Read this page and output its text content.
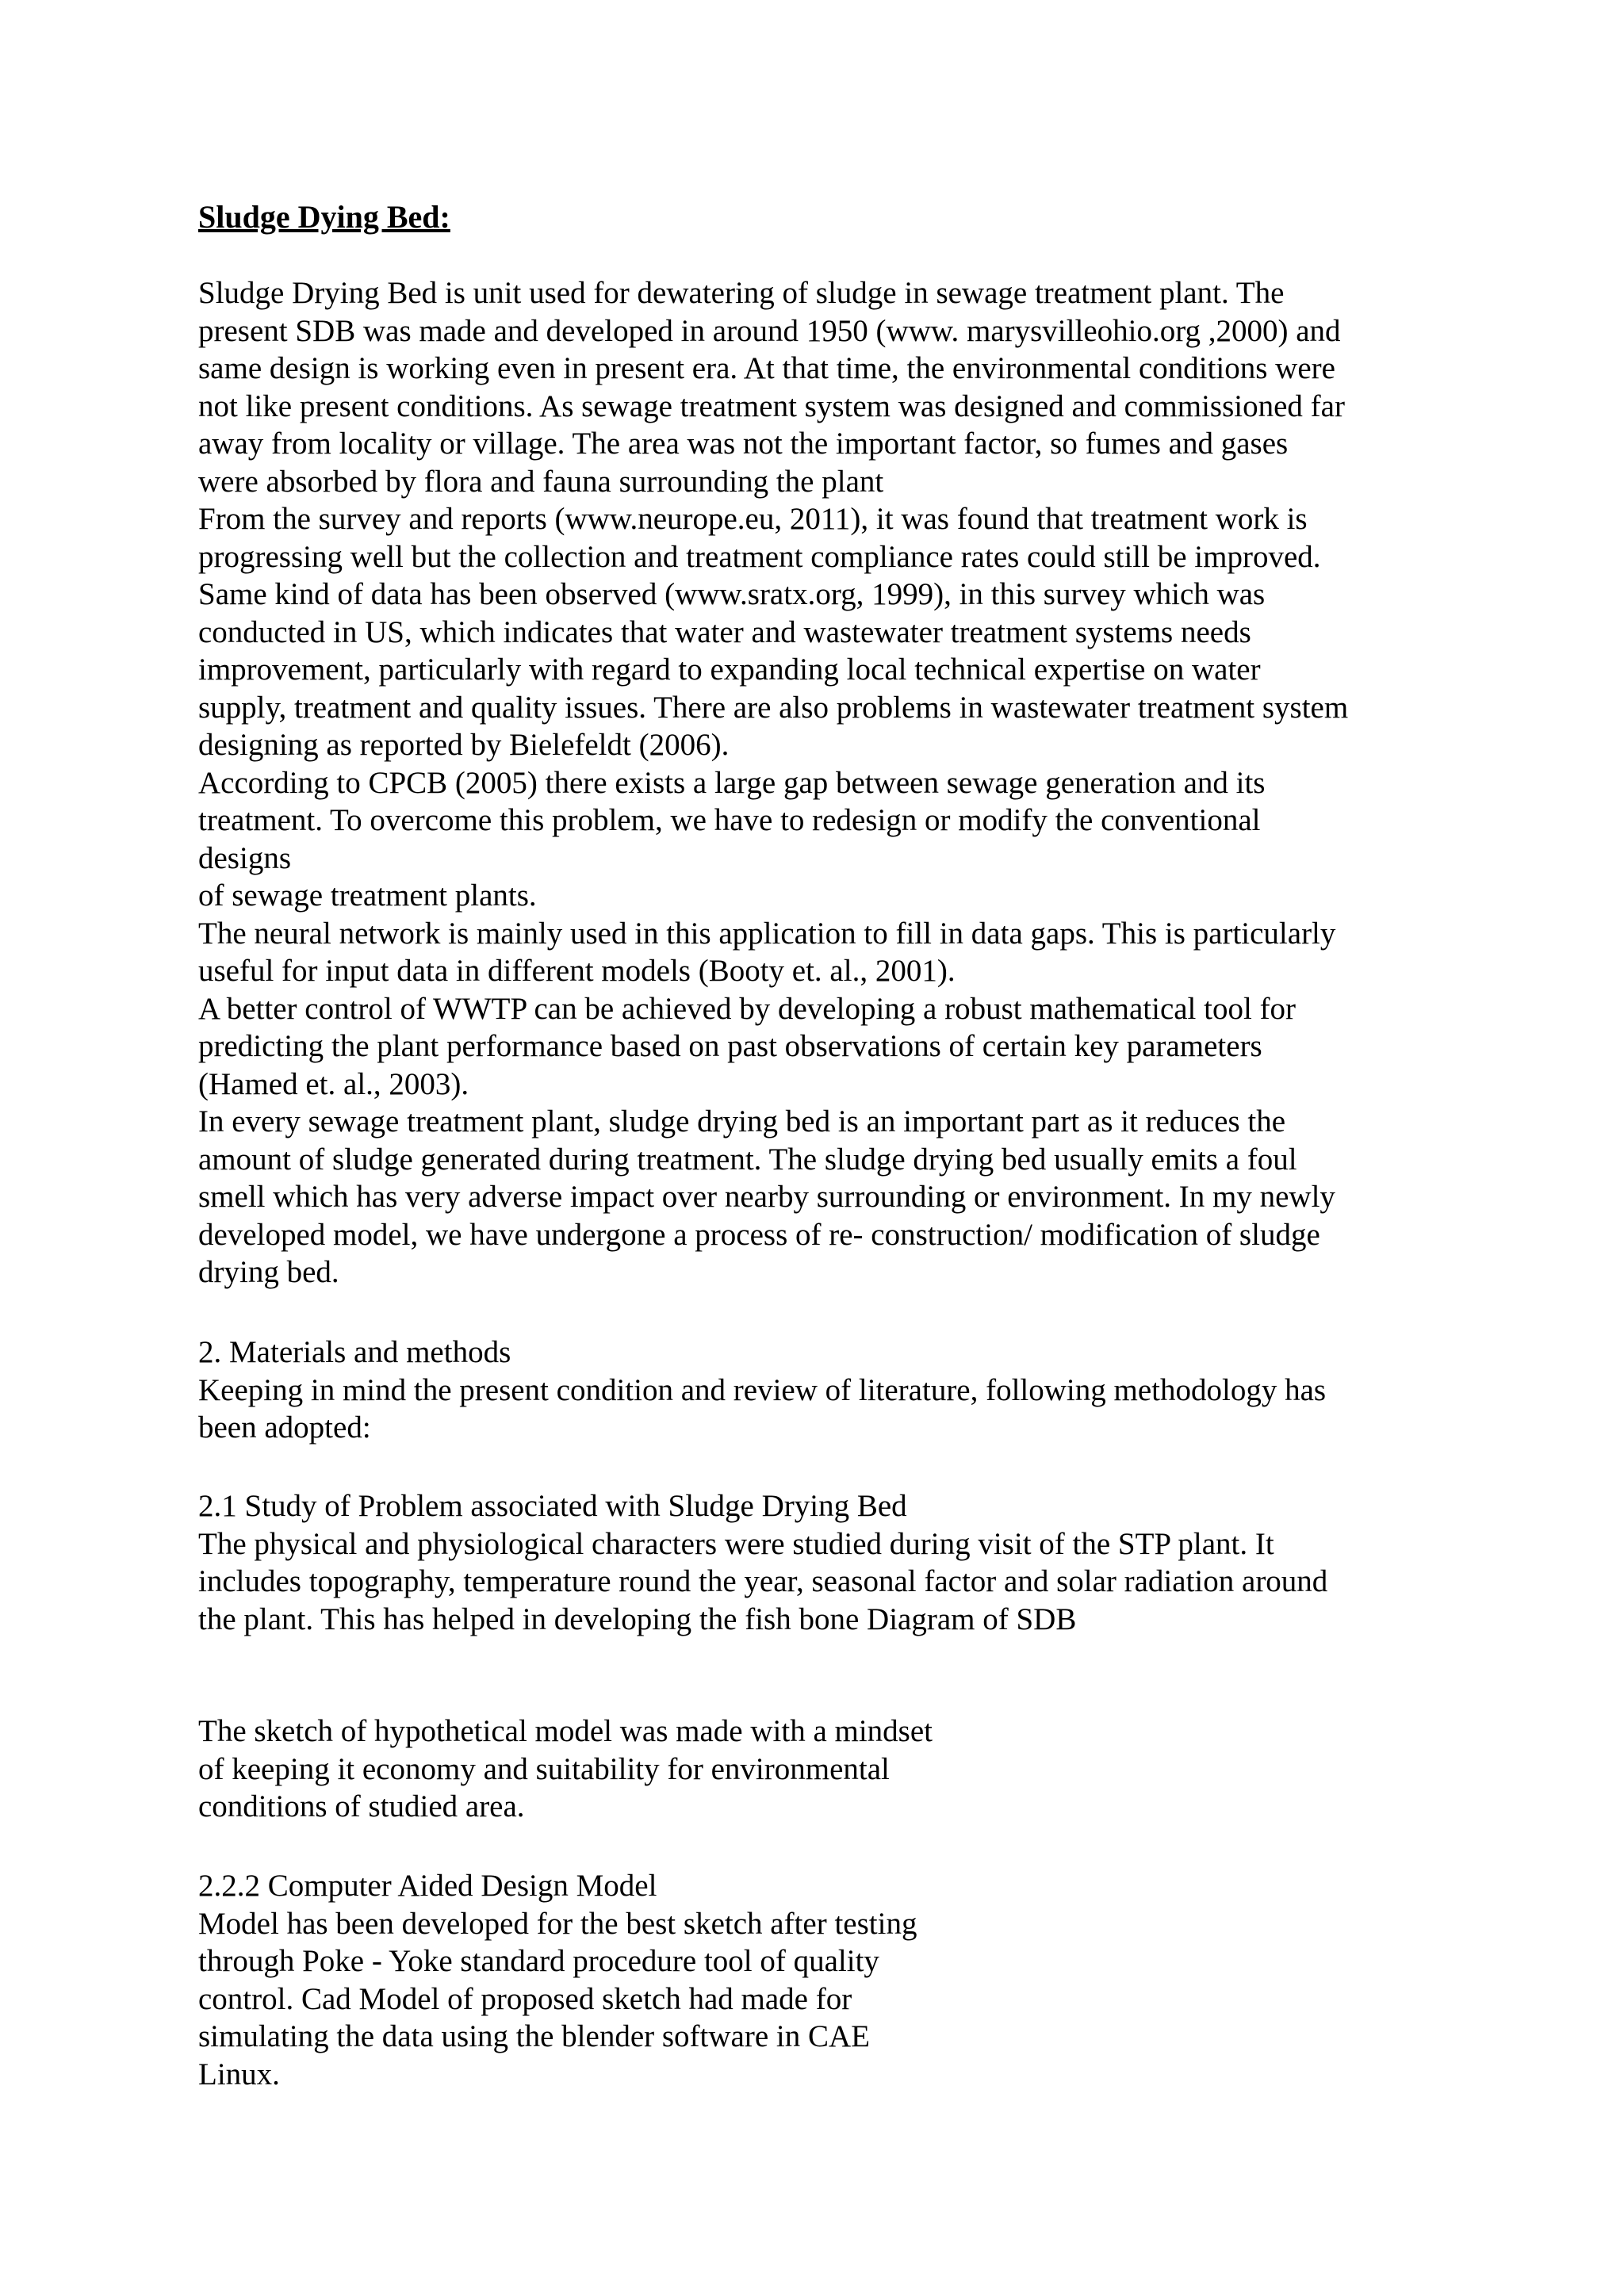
Sludge Dying Bed:

Sludge Drying Bed is unit used for dewatering of sludge in sewage treatment plant. The
present SDB was made and developed in around 1950 (www. marysvilleohio.org ,2000) and
same design is working even in present era. At that time, the environmental conditions were
not like present conditions. As sewage treatment system was designed and commissioned far
away from locality or village. The area was not the important factor, so fumes and gases
were absorbed by flora and fauna surrounding the plant
From the survey and reports (www.neurope.eu, 2011), it was found that treatment work is
progressing well but the collection and treatment compliance rates could still be improved.
Same kind of data has been observed (www.sratx.org, 1999), in this survey which was
conducted in US, which indicates that water and wastewater treatment systems needs
improvement, particularly with regard to expanding local technical expertise on water
supply, treatment and quality issues. There are also problems in wastewater treatment system
designing as reported by Bielefeldt (2006).
According to CPCB (2005) there exists a large gap between sewage generation and its
treatment. To overcome this problem, we have to redesign or modify the conventional
designs
of sewage treatment plants.
The neural network is mainly used in this application to fill in data gaps. This is particularly
useful for input data in different models (Booty et. al., 2001).
A better control of WWTP can be achieved by developing a robust mathematical tool for
predicting the plant performance based on past observations of certain key parameters
(Hamed et. al., 2003).
In every sewage treatment plant, sludge drying bed is an important part as it reduces the
amount of sludge generated during treatment. The sludge drying bed usually emits a foul
smell which has very adverse impact over nearby surrounding or environment. In my newly
developed model, we have undergone a process of re- construction/ modification of sludge
drying bed.

2. Materials and methods
Keeping in mind the present condition and review of literature, following methodology has
been adopted:

2.1 Study of Problem associated with Sludge Drying Bed
The physical and physiological characters were studied during visit of the STP plant. It
includes topography, temperature round the year, seasonal factor and solar radiation around
the plant. This has helped in developing the fish bone Diagram of SDB

The sketch of hypothetical model was made with a mindset
of keeping it economy and suitability for environmental
conditions of studied area.

2.2.2 Computer Aided Design Model
Model has been developed for the best sketch after testing
through Poke - Yoke standard procedure tool of quality
control. Cad Model of proposed sketch had made for
simulating the data using the blender software in CAE
Linux.
